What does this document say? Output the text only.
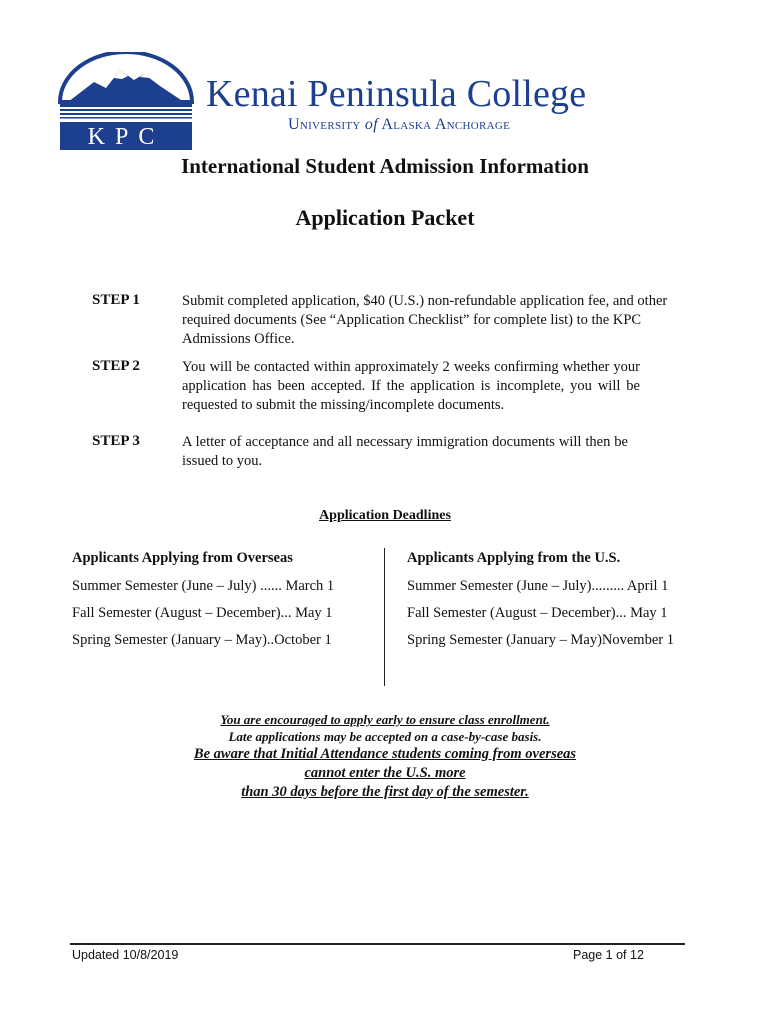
KPC
Kenai Peninsula College
University of Alaska Anchorage
International Student Admission Information
Application Packet
STEP 1	Submit completed application, $40 (U.S.) non-refundable application fee, and other required documents (See “Application Checklist” for complete list) to the KPC Admissions Office.
STEP 2	You will be contacted within approximately 2 weeks confirming whether your application has been accepted. If the application is incomplete, you will be requested to submit the missing/incomplete documents.
STEP 3	A letter of acceptance and all necessary immigration documents will then be issued to you.
Application Deadlines
Applicants Applying from Overseas
Summer Semester (June – July) ...... March 1
Fall Semester (August – December)... May 1
Spring Semester (January – May)..October 1
Applicants Applying from the U.S.
Summer Semester (June – July)......... April 1
Fall Semester (August – December)... May 1
Spring Semester (January – May)November 1
You are encouraged to apply early to ensure class enrollment.
Late applications may be accepted on a case-by-case basis.
Be aware that Initial Attendance students coming from overseas
cannot enter the U.S. more
than 30 days before the first day of the semester.
Updated 10/8/2019	Page 1 of 12
